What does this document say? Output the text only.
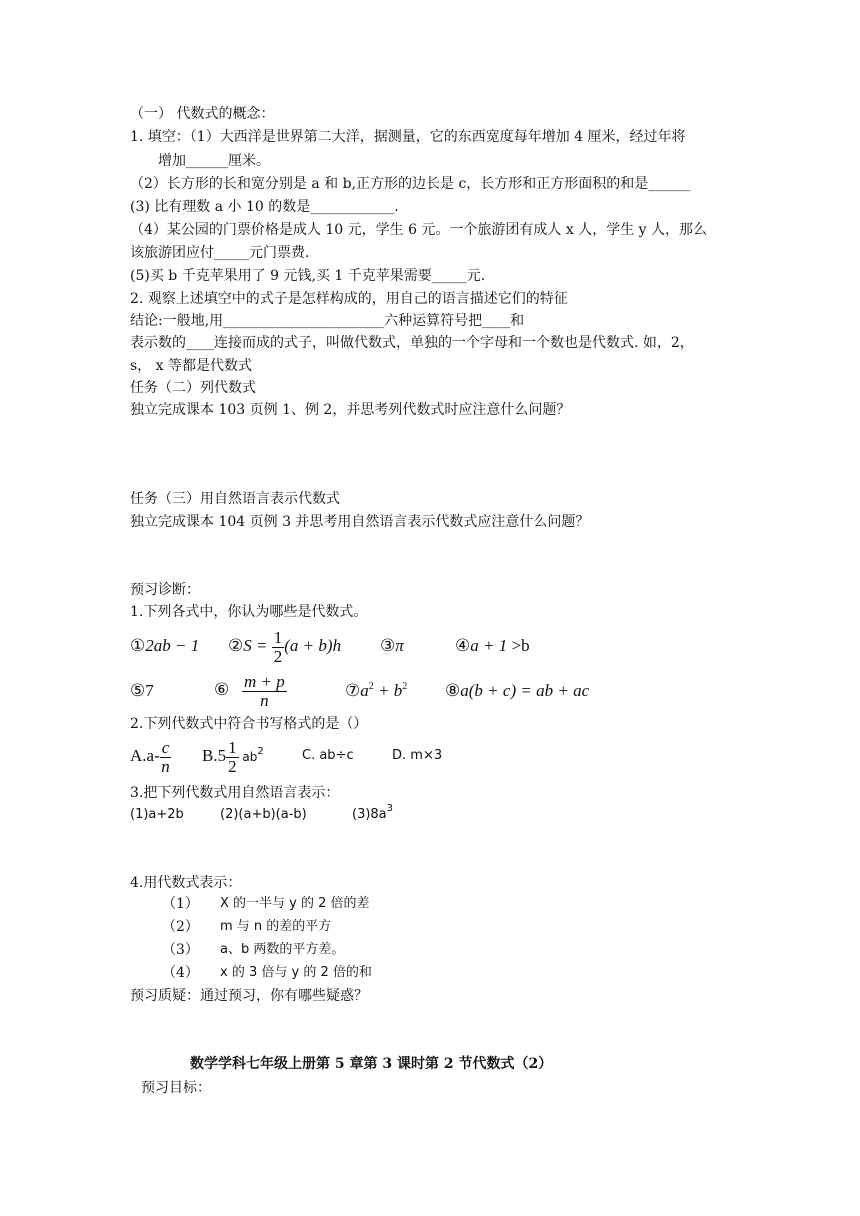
（一） 代数式的概念：
1. 填空：（1）大西洋是世界第二大洋，据测量，它的东西宽度每年增加 4 厘米，经过年将
增加______厘米。
（2）长方形的长和宽分别是 a 和 b,正方形的边长是 c，长方形和正方形面积的和是______
(3) 比有理数 a 小 10 的数是____________.
（4）某公园的门票价格是成人 10 元，学生 6 元。一个旅游团有成人 x 人，学生 y 人，那么
该旅游团应付_____元门票费.
(5)买 b 千克苹果用了 9 元钱,买 1 千克苹果需要_____元.
2. 观察上述填空中的式子是怎样构成的，用自己的语言描述它们的特征
结论:一般地,用_______________________六种运算符号把____和
表示数的____连接而成的式子，叫做代数式，单独的一个字母和一个数也是代数式. 如，2，
s， x 等都是代数式
任务（二）列代数式
独立完成课本 103 页例 1、例 2，并思考列代数式时应注意什么问题？
任务（三）用自然语言表示代数式
独立完成课本 104 页例 3 并思考用自然语言表示代数式应注意什么问题？
预习诊断：
1.下列各式中，你认为哪些是代数式。
①2ab − 1 ②S = $\frac{1}{2} (a + b)h$ ③π	④a + 1 >b
⑤7	⑥ $\frac{m + p}{n}$	$⑦a^2 + b^2$ ⑧a(b + c) = ab + ac
2.下列代数式中符合书写格式的是（）
$A.a- \frac{c}{n} B.5 \frac{1}{2} ab^2$	C. ab÷c	D. m×3
3.把下列代数式用自然语言表示：
(1)a+2b	(2)(a+b)(a-b)	$(3)8a^3$
4.用代数式表示：
（1） X 的一半与 y 的 2 倍的差
（2） m 与 n 的差的平方
（3） a、b 两数的平方差。
（4） x 的 3 倍与 y 的 2 倍的和
预习质疑：通过预习，你有哪些疑惑？
数学学科七年级上册第 5 章第 3 课时第 2 节代数式（2）
预习目标：
